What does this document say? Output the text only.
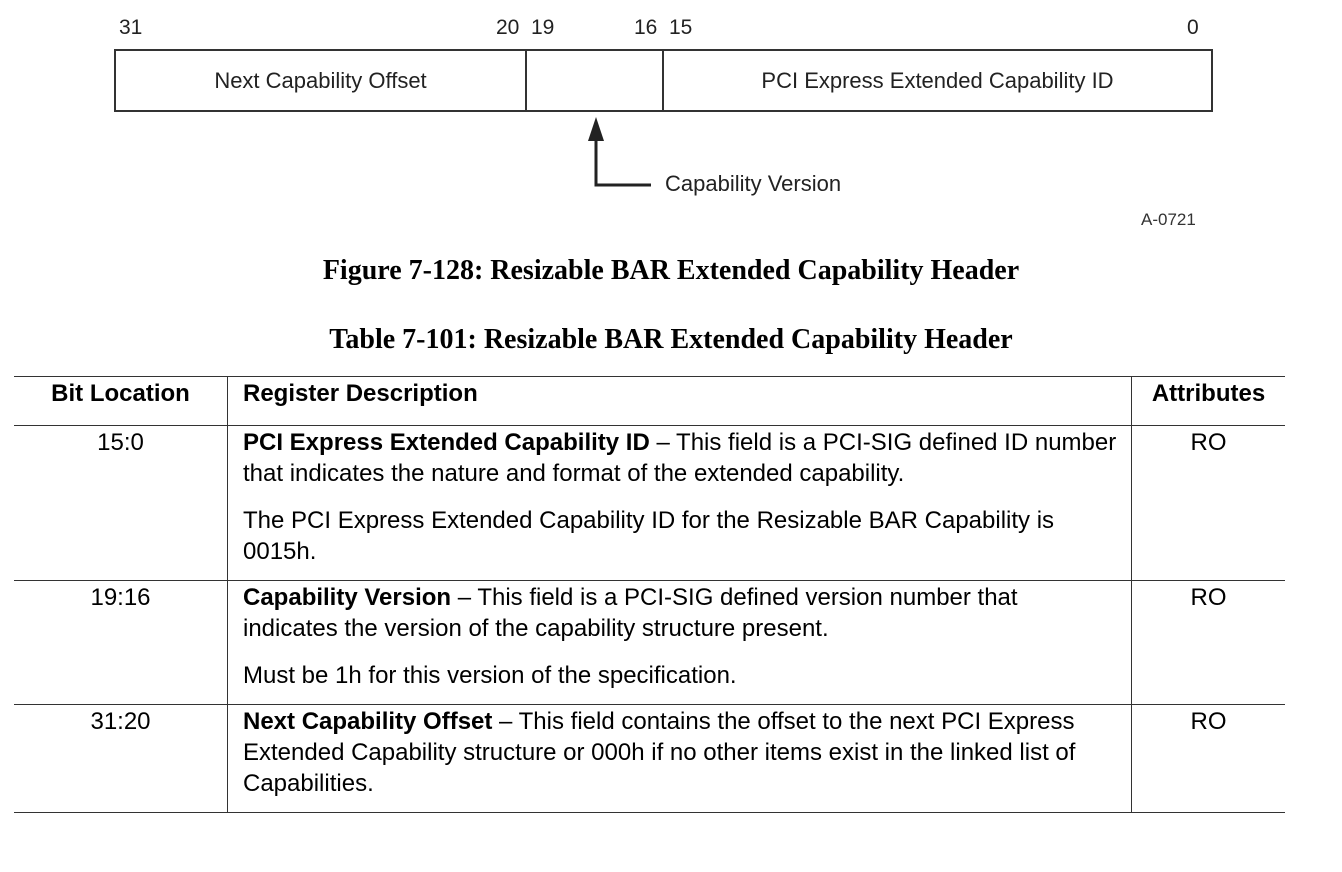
31	20 19	16 15	0
Next Capability Offset	PCI Express Extended Capability ID
Capability Version
A-0721
Figure 7-128: Resizable BAR Extended Capability Header
Table 7-101: Resizable BAR Extended Capability Header
Bit Location	Register Description	Attributes
15:0	PCI Express Extended Capability ID – This field is a PCI-SIG defined ID number that indicates the nature and format of the extended capability.

The PCI Express Extended Capability ID for the Resizable BAR Capability is 0015h.	RO
19:16	Capability Version – This field is a PCI-SIG defined version number that indicates the version of the capability structure present.

Must be 1h for this version of the specification.	RO
31:20	Next Capability Offset – This field contains the offset to the next PCI Express Extended Capability structure or 000h if no other items exist in the linked list of Capabilities.	RO
